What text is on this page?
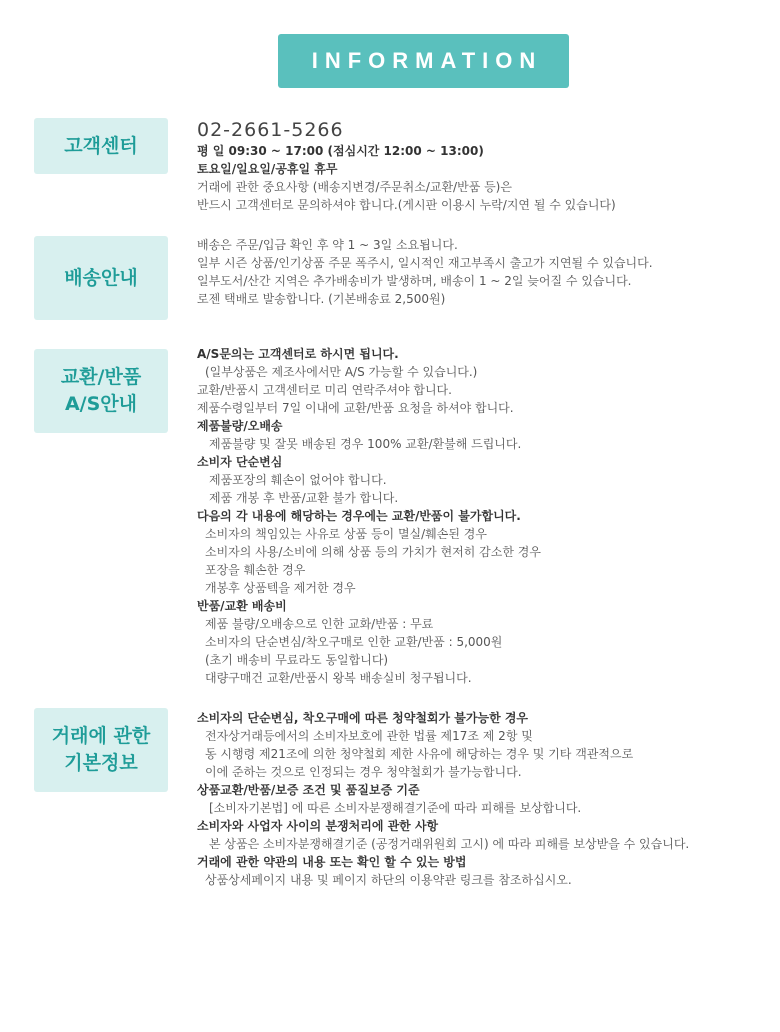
INFORMATION
고객센터
02-2661-5266
평 일 09:30 ~ 17:00 (점심시간 12:00 ~ 13:00)
토요일/일요일/공휴일 휴무
거래에 관한 중요사항 (배송지변경/주문취소/교환/반품 등)은
반드시 고객센터로 문의하셔야 합니다.(게시판 이용시 누락/지연 될 수 있습니다)
배송안내
배송은 주문/입금 확인 후 약 1 ~ 3일 소요됩니다.
일부 시즌 상품/인기상품 주문 폭주시, 일시적인 재고부족시 출고가 지연될 수 있습니다.
일부도서/산간 지역은 추가배송비가 발생하며, 배송이 1 ~ 2일 늦어질 수 있습니다.
로젠 택배로 발송합니다. (기본배송료 2,500원)
교환/반품
A/S안내
A/S문의는 고객센터로 하시면 됩니다.
(일부상품은 제조사에서만 A/S 가능할 수 있습니다.)
교환/반품시 고객센터로 미리 연락주셔야 합니다.
제품수령일부터 7일 이내에 교환/반품 요청을 하셔야 합니다.
제품불량/오배송
제품불량 및 잘못 배송된 경우 100% 교환/환불해 드립니다.
소비자 단순변심
제품포장의 훼손이 없어야 합니다.
제품 개봉 후 반품/교환 불가 합니다.
다음의 각 내용에 해당하는 경우에는 교환/반품이 불가합니다.
소비자의 책임있는 사유로 상품 등이 멸실/훼손된 경우
소비자의 사용/소비에 의해 상품 등의 가치가 현저히 감소한 경우
포장을 훼손한 경우
개봉후 상품텍을 제거한 경우
반품/교환 배송비
제품 불량/오배송으로 인한 교화/반품 : 무료
소비자의 단순변심/착오구매로 인한 교환/반품 : 5,000원
(초기 배송비 무료라도 동일합니다)
대량구매건 교환/반품시 왕복 배송실비 청구됩니다.
거래에 관한
기본정보
소비자의 단순변심, 착오구매에 따른 청약철회가 불가능한 경우
전자상거래등에서의 소비자보호에 관한 법률 제17조 제 2항 및
동 시행령 제21조에 의한 청약철회 제한 사유에 해당하는 경우 및 기타 객관적으로
이에 준하는 것으로 인정되는 경우 청약철회가 불가능합니다.
상품교환/반품/보증 조건 및 품질보증 기준
[소비자기본법] 에 따른 소비자분쟁해결기준에 따라 피해를 보상합니다.
소비자와 사업자 사이의 분쟁처리에 관한 사항
본 상품은 소비자분쟁해결기준 (공정거래위원회 고시) 에 따라 피해를 보상받을 수 있습니다.
거래에 관한 약관의 내용 또는 확인 할 수 있는 방법
상품상세페이지 내용 및 페이지 하단의 이용약관 링크를 참조하십시오.
